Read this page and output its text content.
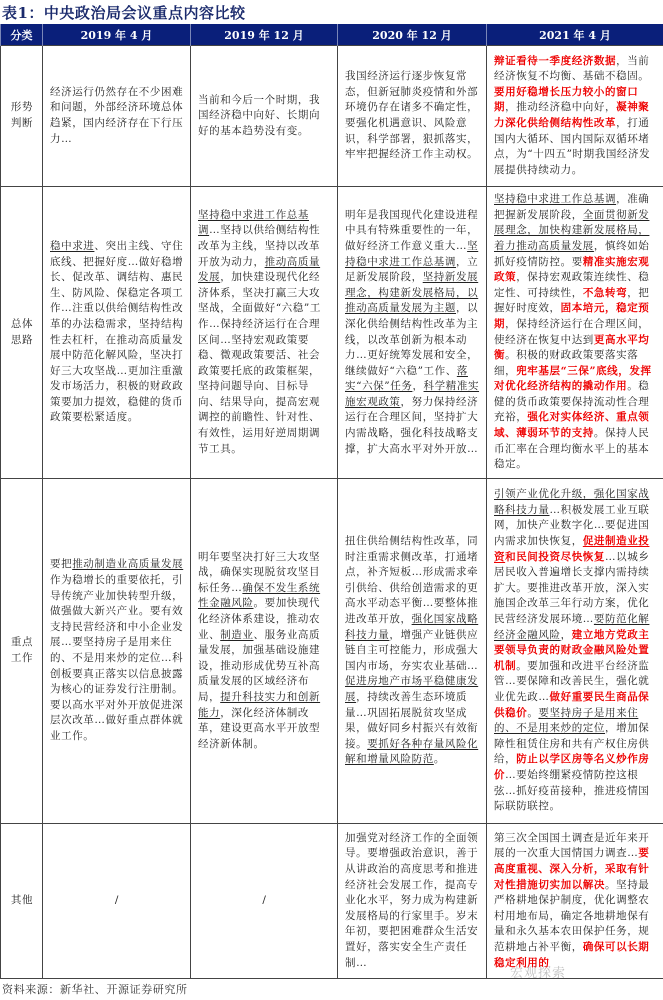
表1：中央政治局会议重点内容比较
分类	2019 年 4 月	2019 年 12 月	2020 年 12 月	2021 年 4 月
形势判断	经济运行仍然存在不少困难和问题，外部经济环境总体趋紧，国内经济存在下行压力…	当前和今后一个时期，我国经济稳中向好、长期向好的基本趋势没有变。	我国经济运行逐步恢复常态，但新冠肺炎疫情和外部环境仍存在诸多不确定性，要强化机遇意识、风险意识，科学部署，狠抓落实，牢牢把握经济工作主动权。	辩证看待一季度经济数据，当前经济恢复不均衡、基础不稳固。要用好稳增长压力较小的窗口期，推动经济稳中向好，凝神聚力深化供给侧结构性改革，打通国内大循环、国内国际双循环堵点，为“十四五”时期我国经济发展提供持续动力。
总体思路	稳中求进、突出主线、守住底线、把握好度…做好稳增长、促改革、调结构、惠民生、防风险、保稳定各项工作…注重以供给侧结构性改革的办法稳需求，坚持结构性去杠杆，在推动高质量发展中防范化解风险，坚决打好三大攻坚战…更加注重激发市场活力，积极的财政政策要加力提效，稳健的货币政策要松紧适度。	坚持稳中求进工作总基调…坚持以供给侧结构性改革为主线，坚持以改革开放为动力，推动高质量发展，加快建设现代化经济体系，坚决打赢三大攻坚战，全面做好“六稳”工作…保持经济运行在合理区间…坚持宏观政策要稳、微观政策要活、社会政策要托底的政策框架，坚持问题导向、目标导向、结果导向，提高宏观调控的前瞻性、针对性、有效性，运用好逆周期调节工具。	明年是我国现代化建设进程中具有特殊重要性的一年，做好经济工作意义重大…坚持稳中求进工作总基调，立足新发展阶段，坚持新发展理念，构建新发展格局，以推动高质量发展为主题，以深化供给侧结构性改革为主线，以改革创新为根本动力…更好统筹发展和安全，继续做好“六稳”工作、落实“六保”任务，科学精准实施宏观政策，努力保持经济运行在合理区间，坚持扩大内需战略，强化科技战略支撑，扩大高水平对外开放…	坚持稳中求进工作总基调，准确把握新发展阶段，全面贯彻新发展理念，加快构建新发展格局，着力推动高质量发展，慎终如始抓好疫情防控。要精准实施宏观政策，保持宏观政策连续性、稳定性、可持续性，不急转弯，把握好时度效，固本培元，稳定预期，保持经济运行在合理区间，使经济在恢复中达到更高水平均衡。积极的财政政策要落实落细，兜牢基层“三保”底线，发挥对优化经济结构的撬动作用。稳健的货币政策要保持流动性合理充裕，强化对实体经济、重点领域、薄弱环节的支持。保持人民币汇率在合理均衡水平上的基本稳定。
重点工作	要把推动制造业高质量发展作为稳增长的重要依托，引导传统产业加快转型升级，做强做大新兴产业。要有效支持民营经济和中小企业发展…要坚持房子是用来住的、不是用来炒的定位…科创板要真正落实以信息披露为核心的证券发行注册制。要以高水平对外开放促进深层次改革…做好重点群体就业工作。	明年要坚决打好三大攻坚战，确保实现脱贫攻坚目标任务…确保不发生系统性金融风险。要加快现代化经济体系建设，推动农业、制造业、服务业高质量发展，加强基础设施建设，推动形成优势互补高质量发展的区域经济布局，提升科技实力和创新能力，深化经济体制改革，建设更高水平开放型经济新体制。	扭住供给侧结构性改革，同时注重需求侧改革，打通堵点，补齐短板…形成需求牵引供给、供给创造需求的更高水平动态平衡…要整体推进改革开放，强化国家战略科技力量，增强产业链供应链自主可控能力，形成强大国内市场，夯实农业基础…促进房地产市场平稳健康发展，持续改善生态环境质量…巩固拓展脱贫攻坚成果，做好同乡村振兴有效衔接。要抓好各种存量风险化解和增量风险防范。	引领产业优化升级，强化国家战略科技力量…积极发展工业互联网，加快产业数字化…要促进国内需求加快恢复，促进制造业投资和民间投资尽快恢复…以城乡居民收入普遍增长支撑内需持续扩大。要推进改革开放，深入实施国企改革三年行动方案，优化民营经济发展环境…要防范化解经济金融风险，建立地方党政主要领导负责的财政金融风险处置机制。要加强和改进平台经济监管…要保障和改善民生，强化就业优先政…做好重要民生商品保供稳价。要坚持房子是用来住的、不是用来炒的定位，增加保障性租赁住房和共有产权住房供给，防止以学区房等名义炒作房价…要始终绷紧疫情防控这根弦…抓好疫苗接种，推进疫情国际联防联控。
其他	/	/	加强党对经济工作的全面领导。要增强政治意识，善于从讲政治的高度思考和推进经济社会发展工作，提高专业化水平，努力成为构建新发展格局的行家里手。岁末年初，要把困难群众生活安置好，落实安全生产责任制…	第三次全国国土调查是近年来开展的一次重大国情国力调查…要高度重视、深入分析，采取有针对性措施切实加以解决。坚持最严格耕地保护制度，优化调整农村用地布局，确定各地耕地保有量和永久基本农田保护任务，规范耕地占补平衡，确保可以长期稳定利用的
资料来源：新华社、开源证券研究所
宏观探索
